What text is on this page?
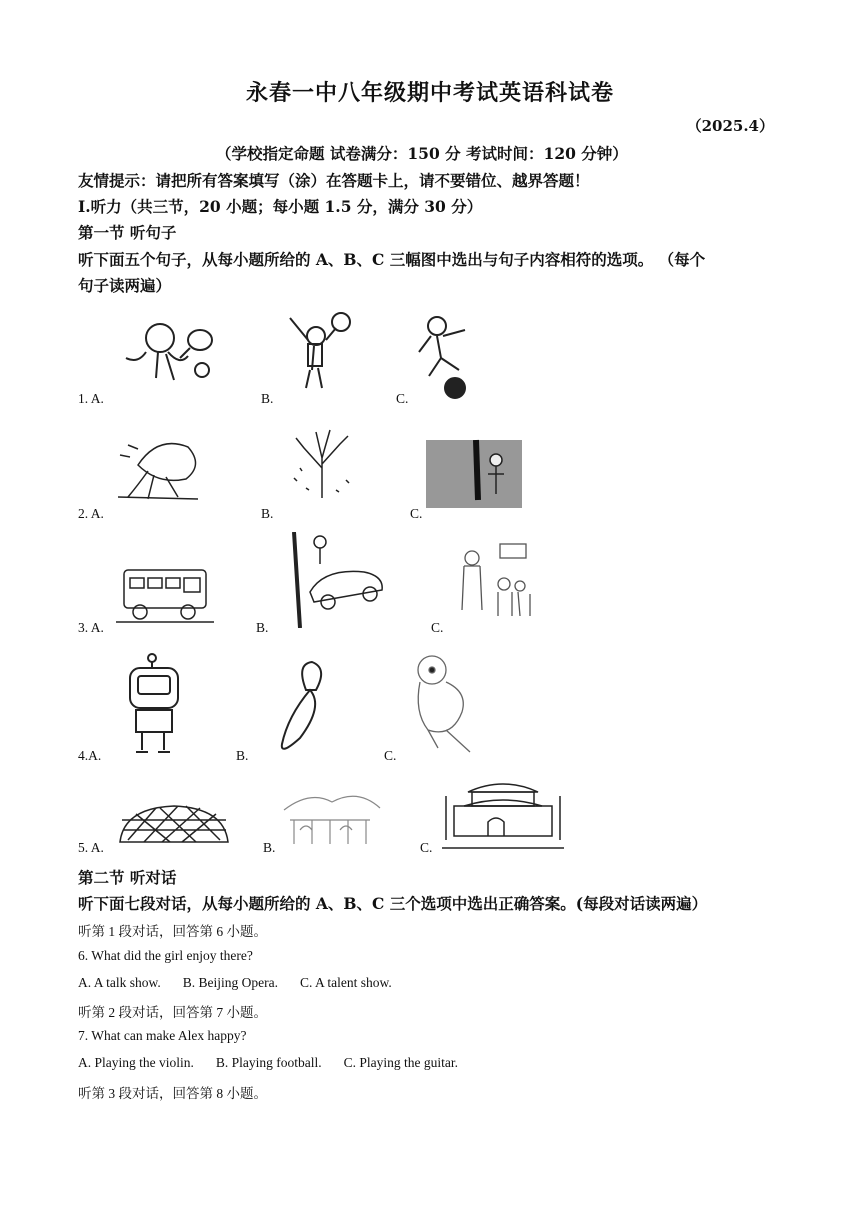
永春一中八年级期中考试英语科试卷
（2025.4）
（学校指定命题 试卷满分：150 分 考试时间：120 分钟）
友情提示：请把所有答案填写（涂）在答题卡上，请不要错位、越界答题！
I.听力（共三节，20 小题；每小题 1.5 分，满分 30 分）
第一节 听句子
听下面五个句子，从每小题所给的 A、B、C 三幅图中选出与句子内容相符的选项。 （每个
句子读两遍）
1. A.	B.	C.
2. A.	B.	C.
3. A.	B.	C.
4.A.	B.	C.
5. A.	B.	C.
第二节 听对话
听下面七段对话，从每小题所给的 A、B、C 三个选项中选出正确答案。(每段对话读两遍）
听第 1 段对话，回答第 6 小题。
6. What did the girl enjoy there?
A. A talk show. B. Beijing Opera. C. A talent show.
听第 2 段对话，回答第 7 小题。
7. What can make Alex happy?
A. Playing the violin. B. Playing football. C. Playing the guitar.
听第 3 段对话，回答第 8 小题。
